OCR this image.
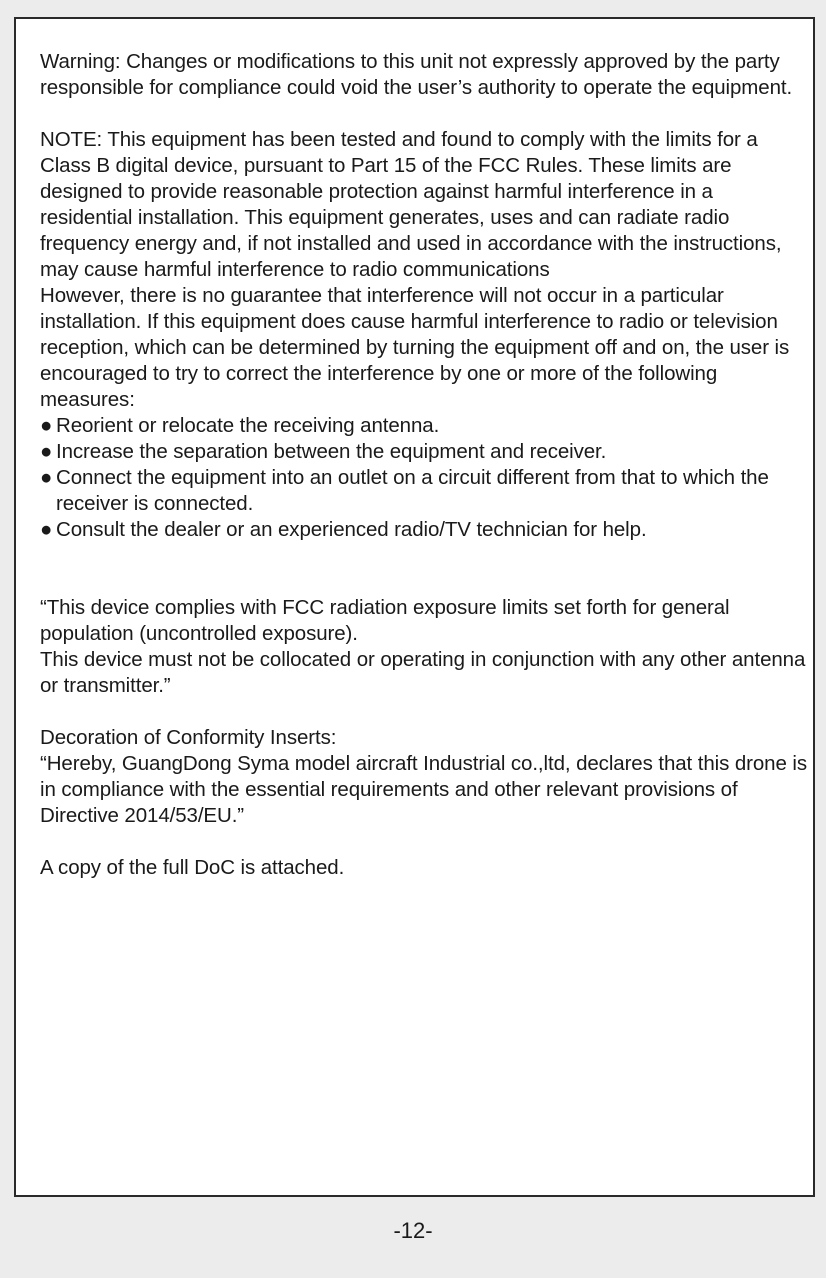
Warning: Changes or modifications to this unit not expressly approved by the party responsible for compliance could void the user’s authority to operate the equipment.

NOTE: This equipment has been tested and found to comply with the limits for a Class B digital device, pursuant to Part 15 of the FCC Rules. These limits are designed to provide reasonable protection against harmful interference in a residential installation. This equipment generates, uses and can radiate radio frequency energy and, if not installed and used in accordance with the instructions, may cause harmful interference to radio communications

However, there is no guarantee that interference will not occur in a particular installation. If this equipment does cause harmful interference to radio or television reception, which can be determined by turning the equipment off and on, the user is encouraged to try to correct the interference by one or more of the following measures:

● Reorient or relocate the receiving antenna.
● Increase the separation between the equipment and receiver.
● Connect the equipment into an outlet on a circuit different from that to which the receiver is connected.
● Consult the dealer or an experienced radio/TV technician for help.

“This device complies with FCC radiation exposure limits set forth for general population (uncontrolled exposure).

This device must not be collocated or operating in conjunction with any other antenna or transmitter.”

Decoration of Conformity Inserts:

“Hereby, GuangDong Syma model aircraft Industrial co.,ltd, declares that this drone is in compliance with the essential requirements and other relevant provisions of Directive 2014/53/EU.”

A copy of the full DoC is attached.

-12-
